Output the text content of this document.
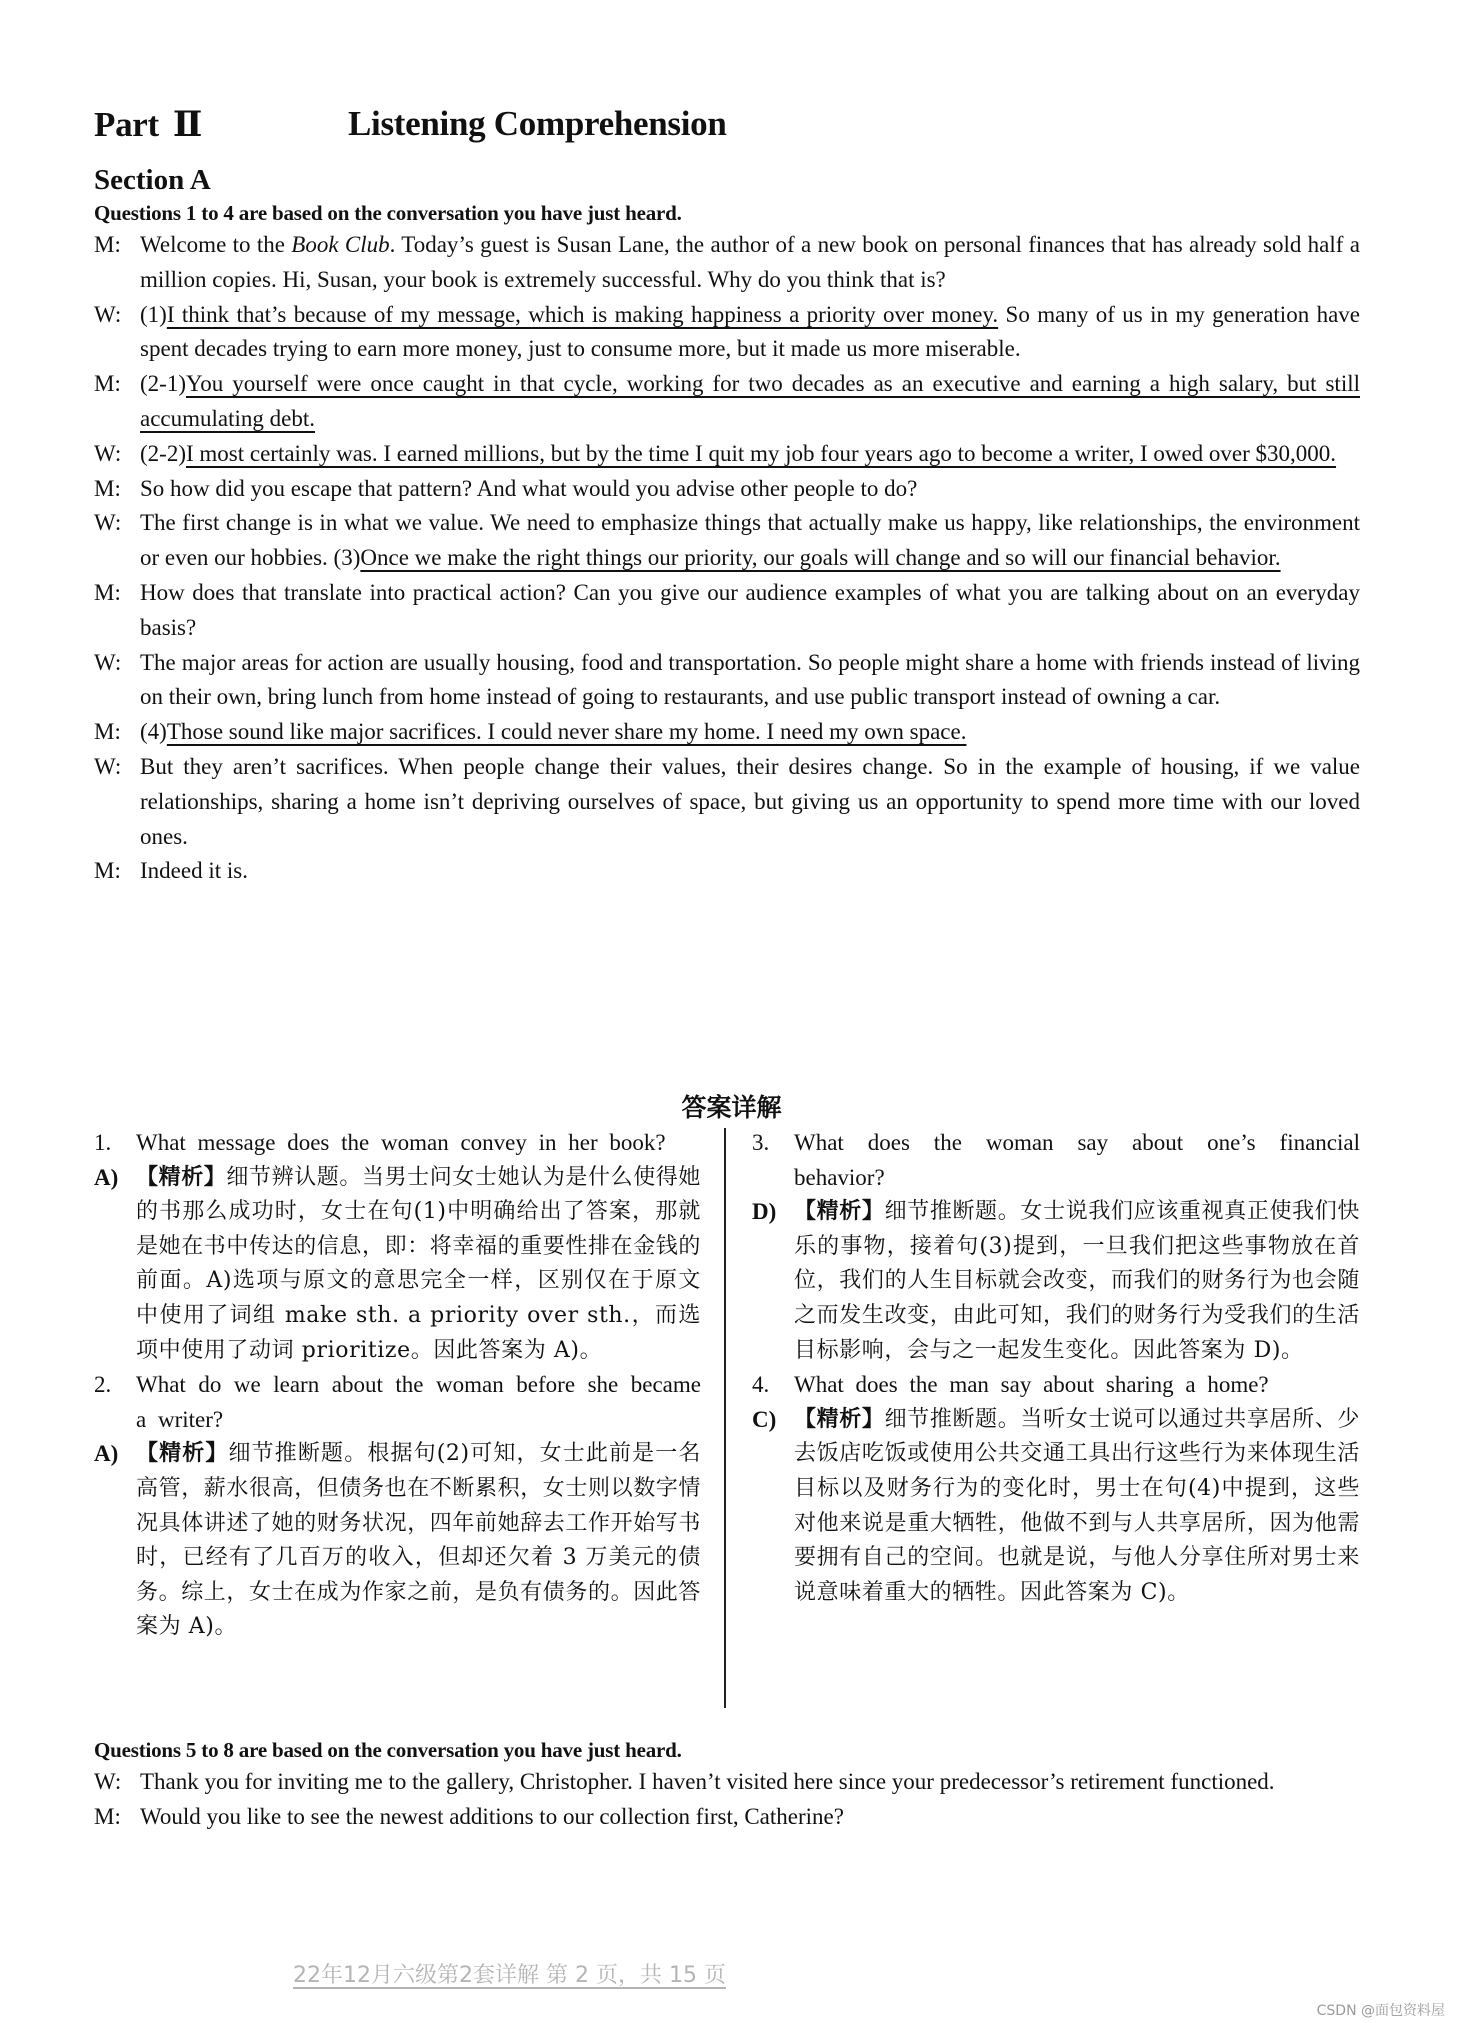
Part Ⅱ	Listening Comprehension
Section A
Questions 1 to 4 are based on the conversation you have just heard.
M: Welcome to the Book Club. Today’s guest is Susan Lane, the author of a new book on personal finances that has already sold half a million copies. Hi, Susan, your book is extremely successful. Why do you think that is?
W: (1)I think that’s because of my message, which is making happiness a priority over money. So many of us in my generation have spent decades trying to earn more money, just to consume more, but it made us more miserable.
M: (2-1)You yourself were once caught in that cycle, working for two decades as an executive and earning a high salary, but still accumulating debt.
W: (2-2)I most certainly was. I earned millions, but by the time I quit my job four years ago to become a writer, I owed over $30,000.
M: So how did you escape that pattern? And what would you advise other people to do?
W: The first change is in what we value. We need to emphasize things that actually make us happy, like relationships, the environment or even our hobbies. (3)Once we make the right things our priority, our goals will change and so will our financial behavior.
M: How does that translate into practical action? Can you give our audience examples of what you are talking about on an everyday basis?
W: The major areas for action are usually housing, food and transportation. So people might share a home with friends instead of living on their own, bring lunch from home instead of going to restaurants, and use public transport instead of owning a car.
M: (4)Those sound like major sacrifices. I could never share my home. I need my own space.
W: But they aren’t sacrifices. When people change their values, their desires change. So in the example of housing, if we value relationships, sharing a home isn’t depriving ourselves of space, but giving us an opportunity to spend more time with our loved ones.
M: Indeed it is.
答案详解
1.	What message does the woman convey in her book?
A) 【精析】细节辨认题。当男士问女士她认为是什么使得她的书那么成功时，女士在句(1)中明确给出了答案，那就是她在书中传达的信息，即：将幸福的重要性排在金钱的前面。A)选项与原文的意思完全一样，区别仅在于原文中使用了词组 make sth. a priority over sth.，而选项中使用了动词 prioritize。因此答案为 A)。
2.	What do we learn about the woman before she became a writer?
A) 【精析】细节推断题。根据句(2)可知，女士此前是一名高管，薪水很高，但债务也在不断累积，女士则以数字情况具体讲述了她的财务状况，四年前她辞去工作开始写书时，已经有了几百万的收入，但却还欠着 3 万美元的债务。综上，女士在成为作家之前，是负有债务的。因此答案为 A)。
3.	What does the woman say about one’s financial behavior?
D) 【精析】细节推断题。女士说我们应该重视真正使我们快乐的事物，接着句(3)提到，一旦我们把这些事物放在首位，我们的人生目标就会改变，而我们的财务行为也会随之而发生改变，由此可知，我们的财务行为受我们的生活目标影响，会与之一起发生变化。因此答案为 D)。
4.	What does the man say about sharing a home?
C) 【精析】细节推断题。当听女士说可以通过共享居所、少去饭店吃饭或使用公共交通工具出行这些行为来体现生活目标以及财务行为的变化时，男士在句(4)中提到，这些对他来说是重大牺牲，他做不到与人共享居所，因为他需要拥有自己的空间。也就是说，与他人分享住所对男士来说意味着重大的牺牲。因此答案为 C)。
Questions 5 to 8 are based on the conversation you have just heard.
W: Thank you for inviting me to the gallery, Christopher. I haven’t visited here since your predecessor’s retirement functioned.
M: Would you like to see the newest additions to our collection first, Catherine?
22年12月六级第2套详解 第 2 页，共 15 页
CSDN @面包资料屋
